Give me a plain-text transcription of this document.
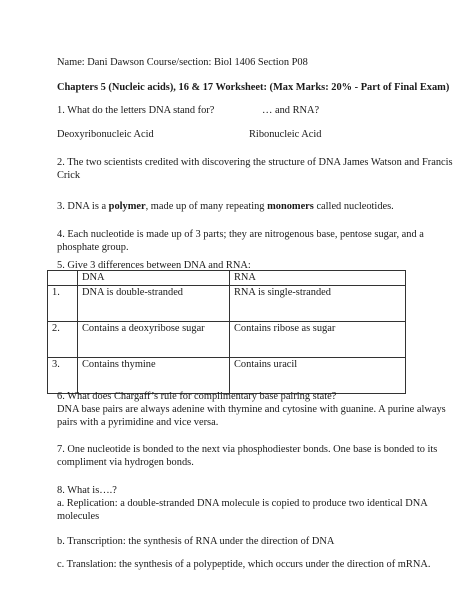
Name: Dani Dawson Course/section: Biol 1406 Section P08
Chapters 5 (Nucleic acids), 16 & 17 Worksheet: (Max Marks: 20% - Part of Final Exam)
1. What do the letters DNA stand for?	… and RNA?
Deoxyribonucleic Acid	Ribonucleic Acid
2. The two scientists credited with discovering the structure of DNA James Watson and Francis
Crick
3. DNA is a polymer, made up of many repeating monomers called nucleotides.
4. Each nucleotide is made up of 3 parts; they are nitrogenous base, pentose sugar, and a
phosphate group.
5. Give 3 differences between DNA and RNA:
	DNA	RNA
1.	DNA is double-stranded	RNA is single-stranded
2.	Contains a deoxyribose sugar	Contains ribose as sugar
3.	Contains thymine	Contains uracil
6. What does Chargaff’s rule for complimentary base pairing state?
DNA base pairs are always adenine with thymine and cytosine with guanine. A purine always
pairs with a pyrimidine and vice versa.
7. One nucleotide is bonded to the next via phosphodiester bonds. One base is bonded to its
compliment via hydrogen bonds.
8. What is….?
a. Replication: a double-stranded DNA molecule is copied to produce two identical DNA
molecules
b. Transcription: the synthesis of RNA under the direction of DNA
c. Translation: the synthesis of a polypeptide, which occurs under the direction of mRNA.
